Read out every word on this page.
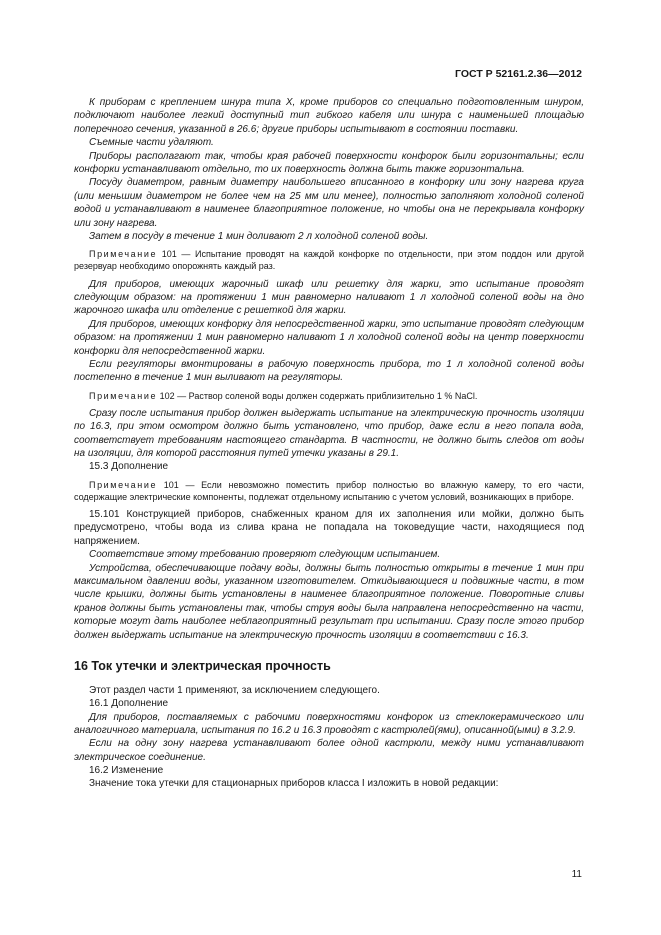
ГОСТ Р 52161.2.36—2012

К приборам с креплением шнура типа Х, кроме приборов со специально подготовленным шнуром, подключают наиболее легкий доступный тип гибкого кабеля или шнура с наименьшей площадью поперечного сечения, указанной в 26.6; другие приборы испытывают в состоянии поставки.

Съемные части удаляют.

Приборы располагают так, чтобы края рабочей поверхности конфорок были горизонтальны; если конфорки устанавливают отдельно, то их поверхность должна быть также горизонтальна.

Посуду диаметром, равным диаметру наибольшего вписанного в конфорку или зону нагрева круга (или меньшим диаметром не более чем на 25 мм или менее), полностью заполняют холодной соленой водой и устанавливают в наименее благоприятное положение, но чтобы она не перекрывала конфорку или зону нагрева.

Затем в посуду в течение 1 мин доливают 2 л холодной соленой воды.

Примечание 101 — Испытание проводят на каждой конфорке по отдельности, при этом поддон или другой резервуар необходимо опорожнять каждый раз.

Для приборов, имеющих жарочный шкаф или решетку для жарки, это испытание проводят следующим образом: на протяжении 1 мин равномерно наливают 1 л холодной соленой воды на дно жарочного шкафа или отделение с решеткой для жарки.

Для приборов, имеющих конфорку для непосредственной жарки, это испытание проводят следующим образом: на протяжении 1 мин равномерно наливают 1 л холодной соленой воды на центр поверхности конфорки для непосредственной жарки.

Если регуляторы вмонтированы в рабочую поверхность прибора, то 1 л холодной соленой воды постепенно в течение 1 мин выливают на регуляторы.

Примечание 102 — Раствор соленой воды должен содержать приблизительно 1 % NaCl.

Сразу после испытания прибор должен выдержать испытание на электрическую прочность изоляции по 16.3, при этом осмотром должно быть установлено, что прибор, даже если в него попала вода, соответствует требованиям настоящего стандарта. В частности, не должно быть следов от воды на изоляции, для которой расстояния путей утечки указаны в 29.1.

15.3 Дополнение

Примечание 101 — Если невозможно поместить прибор полностью во влажную камеру, то его части, содержащие электрические компоненты, подлежат отдельному испытанию с учетом условий, возникающих в приборе.

15.101 Конструкцией приборов, снабженных краном для их заполнения или мойки, должно быть предусмотрено, чтобы вода из слива крана не попадала на токоведущие части, находящиеся под напряжением.

Соответствие этому требованию проверяют следующим испытанием.

Устройства, обеспечивающие подачу воды, должны быть полностью открыты в течение 1 мин при максимальном давлении воды, указанном изготовителем. Откидывающиеся и подвижные части, в том числе крышки, должны быть установлены в наименее благоприятное положение. Поворотные сливы кранов должны быть установлены так, чтобы струя воды была направлена непосредственно на части, которые могут дать наиболее неблагоприятный результат при испытании. Сразу после этого прибор должен выдержать испытание на электрическую прочность изоляции в соответствии с 16.3.

16 Ток утечки и электрическая прочность

Этот раздел части 1 применяют, за исключением следующего.

16.1 Дополнение

Для приборов, поставляемых с рабочими поверхностями конфорок из стеклокерамического или аналогичного материала, испытания по 16.2 и 16.3 проводят с кастрюлей(ями), описанной(ыми) в 3.2.9.

Если на одну зону нагрева устанавливают более одной кастрюли, между ними устанавливают электрическое соединение.

16.2 Изменение

Значение тока утечки для стационарных приборов класса I изложить в новой редакции:

11
